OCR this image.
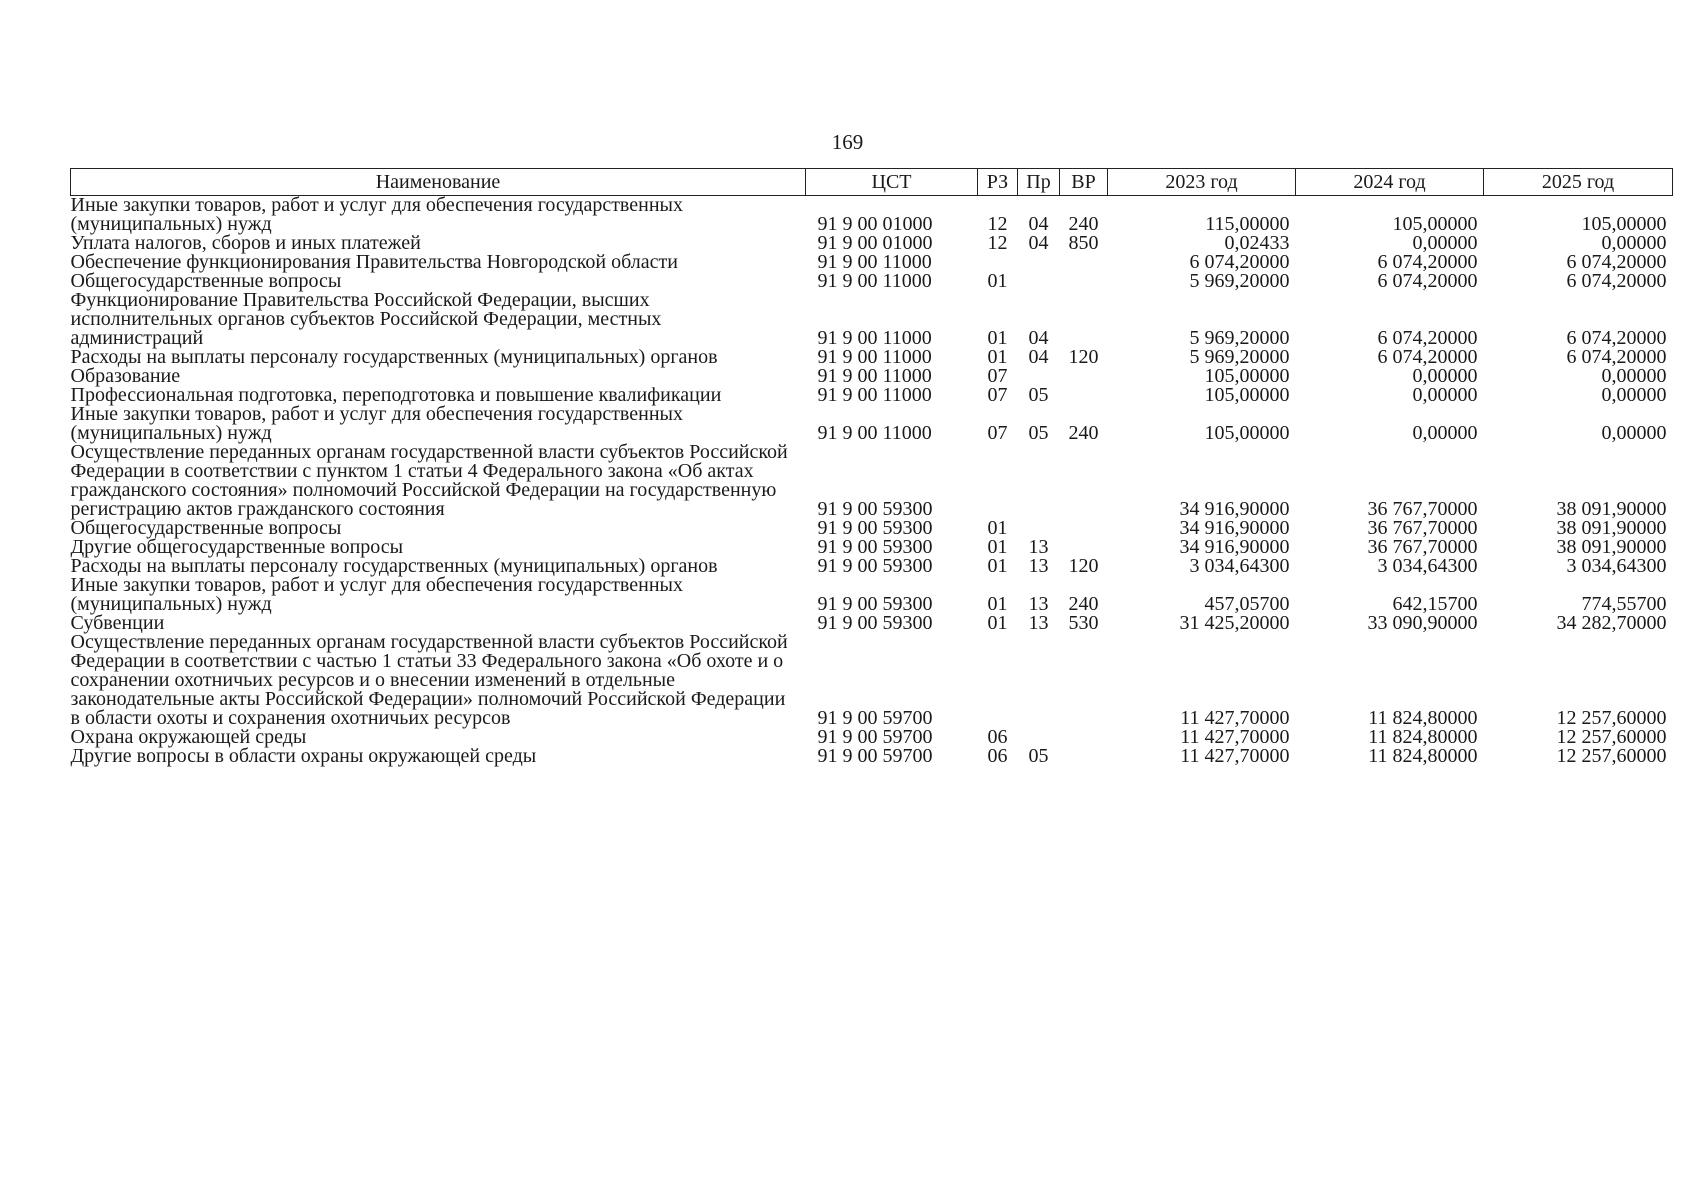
169
Наименование	ЦСТ	РЗ	Пр	ВР	2023 год	2024 год	2025 год
Иные закупки товаров, работ и услуг для обеспечения государственных (муниципальных) нужд	91 9 00 01000	12	04	240	115,00000	105,00000	105,00000
Уплата налогов, сборов и иных платежей	91 9 00 01000	12	04	850	0,02433	0,00000	0,00000
Обеспечение функционирования Правительства Новгородской области	91 9 00 11000				6 074,20000	6 074,20000	6 074,20000
Общегосударственные вопросы	91 9 00 11000	01			5 969,20000	6 074,20000	6 074,20000
Функционирование Правительства Российской Федерации, высших исполнительных органов субъектов Российской Федерации, местных администраций	91 9 00 11000	01	04		5 969,20000	6 074,20000	6 074,20000
Расходы на выплаты персоналу государственных (муниципальных) органов	91 9 00 11000	01	04	120	5 969,20000	6 074,20000	6 074,20000
Образование	91 9 00 11000	07			105,00000	0,00000	0,00000
Профессиональная подготовка, переподготовка и повышение квалификации	91 9 00 11000	07	05		105,00000	0,00000	0,00000
Иные закупки товаров, работ и услуг для обеспечения государственных (муниципальных) нужд	91 9 00 11000	07	05	240	105,00000	0,00000	0,00000
Осуществление переданных органам государственной власти субъектов Российской Федерации в соответствии с пунктом 1 статьи 4 Федерального закона «Об актах гражданского состояния» полномочий Российской Федерации на государственную регистрацию актов гражданского состояния	91 9 00 59300				34 916,90000	36 767,70000	38 091,90000
Общегосударственные вопросы	91 9 00 59300	01			34 916,90000	36 767,70000	38 091,90000
Другие общегосударственные вопросы	91 9 00 59300	01	13		34 916,90000	36 767,70000	38 091,90000
Расходы на выплаты персоналу государственных (муниципальных) органов	91 9 00 59300	01	13	120	3 034,64300	3 034,64300	3 034,64300
Иные закупки товаров, работ и услуг для обеспечения государственных (муниципальных) нужд	91 9 00 59300	01	13	240	457,05700	642,15700	774,55700
Субвенции	91 9 00 59300	01	13	530	31 425,20000	33 090,90000	34 282,70000
Осуществление переданных органам государственной власти субъектов Российской Федерации в соответствии с частью 1 статьи 33 Федерального закона «Об охоте и о сохранении охотничьих ресурсов и о внесении изменений в отдельные законодательные акты Российской Федерации» полномочий Российской Федерации в области охоты и сохранения охотничьих ресурсов	91 9 00 59700				11 427,70000	11 824,80000	12 257,60000
Охрана окружающей среды	91 9 00 59700	06			11 427,70000	11 824,80000	12 257,60000
Другие вопросы в области охраны окружающей среды	91 9 00 59700	06	05		11 427,70000	11 824,80000	12 257,60000
